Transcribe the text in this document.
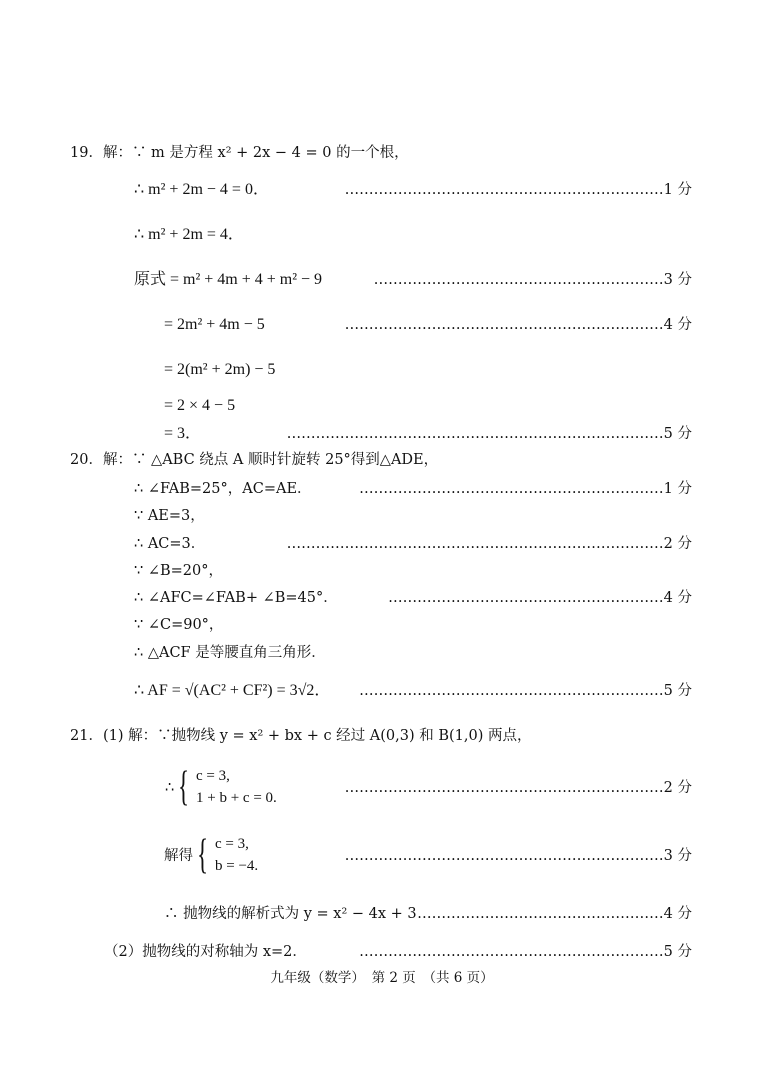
19．解：∵ m 是方程 x² + 2x − 4 = 0 的一个根，
∴ m² + 2m − 4 = 0．	…………………………………………………………1 分
∴ m² + 2m = 4．
原式 = m² + 4m + 4 + m² − 9	……………………………………………………3 分
= 2m² + 4m − 5	…………………………………………………………4 分
= 2(m² + 2m) − 5
= 2 × 4 − 5
= 3．	……………………………………………………………………5 分
20．解：∵ △ABC 绕点 A 顺时针旋转 25°得到△ADE，
∴ ∠FAB=25°，AC=AE．	………………………………………………………1 分
∵ AE=3，
∴ AC=3．	……………………………………………………………………2 分
∵ ∠B=20°，
∴ ∠AFC=∠FAB+ ∠B=45°．	…………………………………………………4 分
∵ ∠C=90°，
∴ △ACF 是等腰直角三角形．
∴ AF = √(AC² + CF²) = 3√2． ………………………………………………………5 分
21．(1) 解：∵抛物线 y = x² + bx + c 经过 A(0,3) 和 B(1,0) 两点，
∴	…………………………………………………………2 分
{ c = 3,
1 + b + c = 0.
解得	…………………………………………………………3 分
{ c = 3,
b = −4.
∴ 抛物线的解析式为 y = x² − 4x + 3 ……………………………………………4 分
（2）抛物线的对称轴为 x=2．	………………………………………………………5 分
九年级（数学）　第 2 页　（共 6 页）
